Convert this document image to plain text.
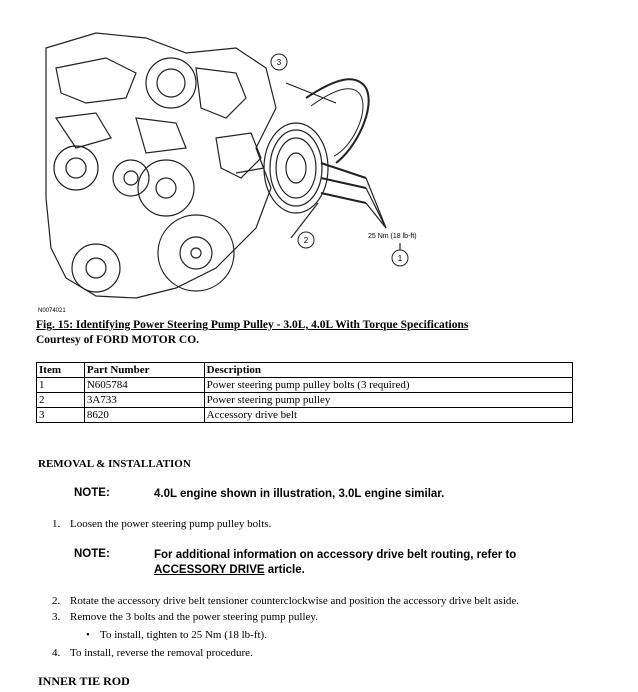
3
2
1
25 Nm (18 lb-ft)
N0074021
Fig. 15: Identifying Power Steering Pump Pulley - 3.0L, 4.0L With Torque Specifications
Courtesy of FORD MOTOR CO.
Item	Part Number	Description
1	N605784	Power steering pump pulley bolts (3 required)
2	3A733	Power steering pump pulley
3	8620	Accessory drive belt
REMOVAL & INSTALLATION
NOTE:	4.0L engine shown in illustration, 3.0L engine similar.
1. Loosen the power steering pump pulley bolts.
NOTE:	For additional information on accessory drive belt routing, refer to
ACCESSORY DRIVE article.
2. Rotate the accessory drive belt tensioner counterclockwise and position the accessory drive belt aside.
3. Remove the 3 bolts and the power steering pump pulley.
• To install, tighten to 25 Nm (18 lb-ft).
4. To install, reverse the removal procedure.
INNER TIE ROD
